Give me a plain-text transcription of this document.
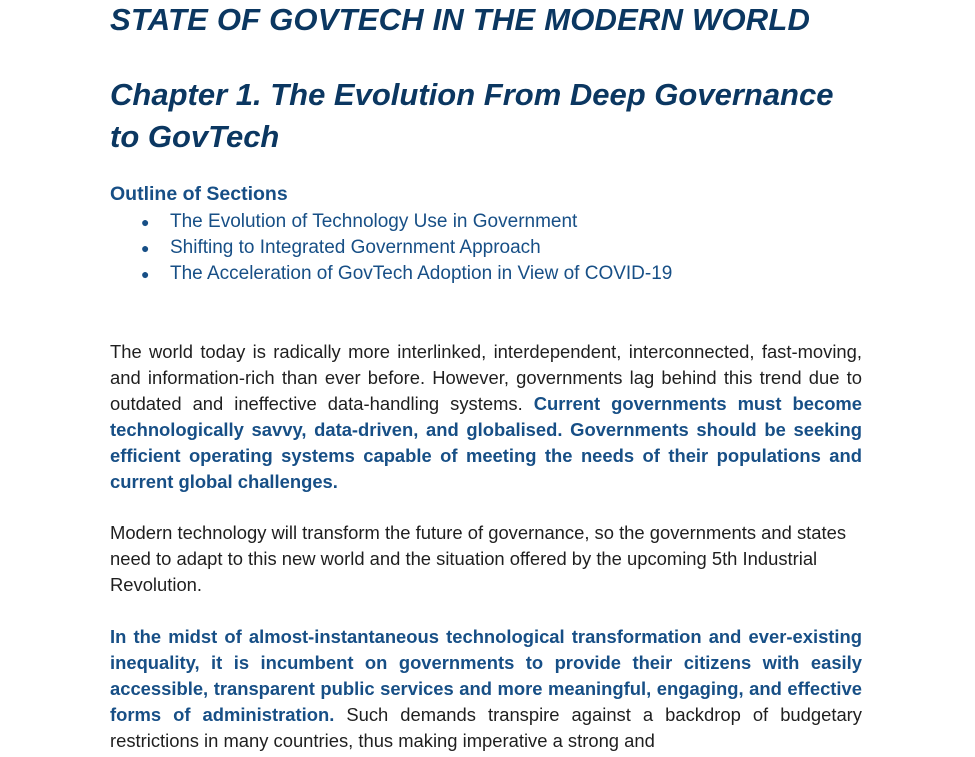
STATE OF GOVTECH IN THE MODERN WORLD
Chapter 1. The Evolution From Deep Governance to GovTech
Outline of Sections
● The Evolution of Technology Use in Government
● Shifting to Integrated Government Approach
● The Acceleration of GovTech Adoption in View of COVID-19

The world today is radically more interlinked, interdependent, interconnected, fast-moving, and information-rich than ever before. However, governments lag behind this trend due to outdated and ineffective data-handling systems. Current governments must become technologically savvy, data-driven, and globalised. Governments should be seeking efficient operating systems capable of meeting the needs of their populations and current global challenges.

Modern technology will transform the future of governance, so the governments and states need to adapt to this new world and the situation offered by the upcoming 5th Industrial Revolution.

In the midst of almost-instantaneous technological transformation and ever-existing inequality, it is incumbent on governments to provide their citizens with easily accessible, transparent public services and more meaningful, engaging, and effective forms of administration. Such demands transpire against a backdrop of budgetary restrictions in many countries, thus making imperative a strong and
